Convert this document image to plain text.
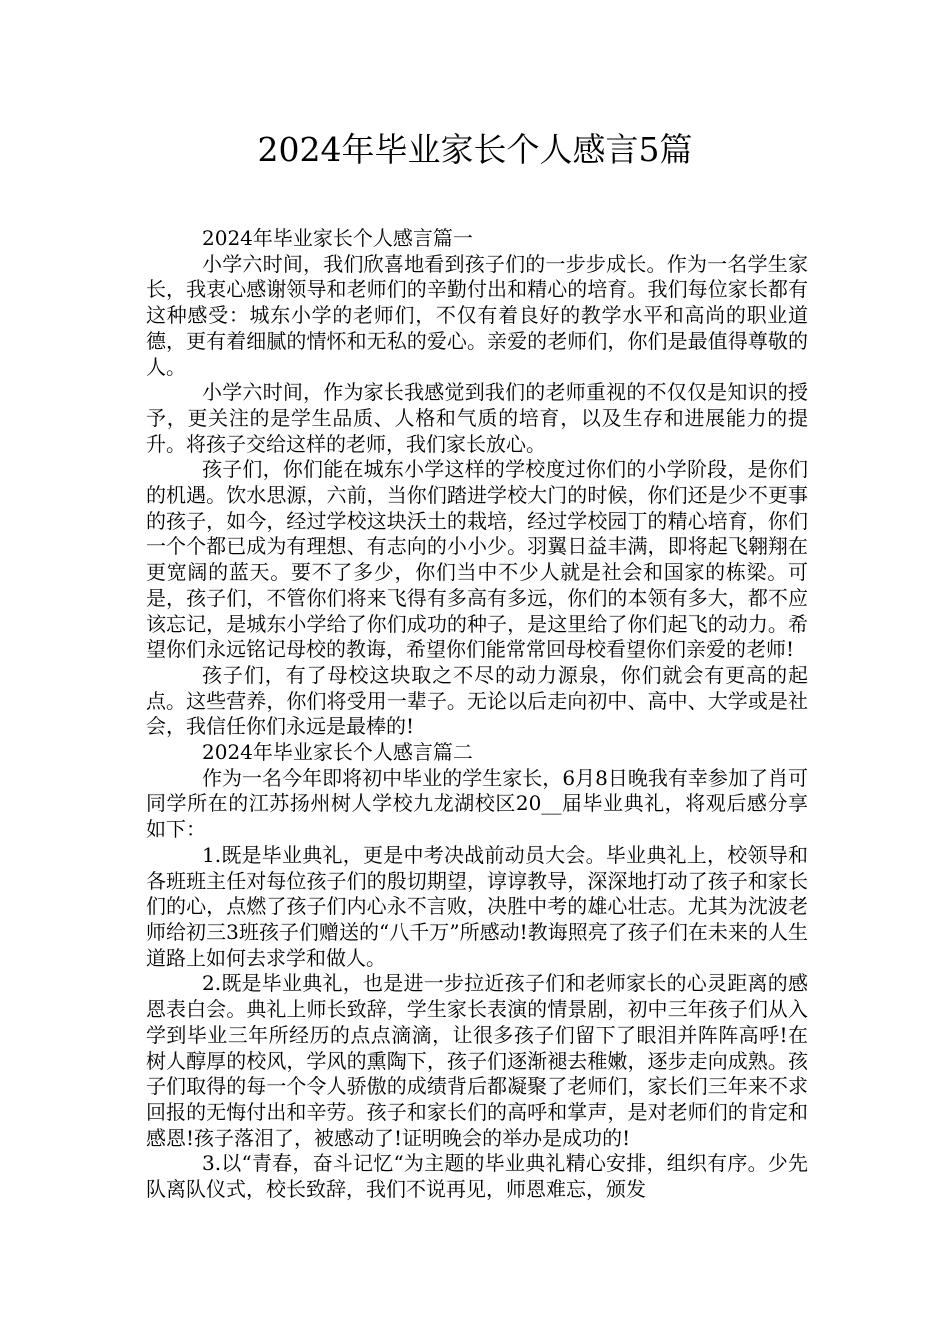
2024年毕业家长个人感言5篇

2024年毕业家长个人感言篇一

小学六时间，我们欣喜地看到孩子们的一步步成长。作为一名学生家长，我衷心感谢领导和老师们的辛勤付出和精心的培育。我们每位家长都有这种感受：城东小学的老师们，不仅有着良好的教学水平和高尚的职业道德，更有着细腻的情怀和无私的爱心。亲爱的老师们，你们是最值得尊敬的人。

小学六时间，作为家长我感觉到我们的老师重视的不仅仅是知识的授予，更关注的是学生品质、人格和气质的培育，以及生存和进展能力的提升。将孩子交给这样的老师，我们家长放心。

孩子们，你们能在城东小学这样的学校度过你们的小学阶段，是你们的机遇。饮水思源，六前，当你们踏进学校大门的时候，你们还是少不更事的孩子，如今，经过学校这块沃土的栽培，经过学校园丁的精心培育，你们一个个都已成为有理想、有志向的小小少。羽翼日益丰满，即将起飞翱翔在更宽阔的蓝天。要不了多少，你们当中不少人就是社会和国家的栋梁。可是，孩子们，不管你们将来飞得有多高有多远，你们的本领有多大，都不应该忘记，是城东小学给了你们成功的种子，是这里给了你们起飞的动力。希望你们永远铭记母校的教诲，希望你们能常常回母校看望你们亲爱的老师!

孩子们，有了母校这块取之不尽的动力源泉，你们就会有更高的起点。这些营养，你们将受用一辈子。无论以后走向初中、高中、大学或是社会，我信任你们永远是最棒的!

2024年毕业家长个人感言篇二

作为一名今年即将初中毕业的学生家长，6月8日晚我有幸参加了肖可同学所在的江苏扬州树人学校九龙湖校区20__届毕业典礼，将观后感分享如下：

1.既是毕业典礼，更是中考决战前动员大会。毕业典礼上，校领导和各班班主任对每位孩子们的殷切期望，谆谆教导，深深地打动了孩子和家长们的心，点燃了孩子们内心永不言败，决胜中考的雄心壮志。尤其为沈波老师给初三3班孩子们赠送的“八千万”所感动!教诲照亮了孩子们在未来的人生道路上如何去求学和做人。

2.既是毕业典礼，也是进一步拉近孩子们和老师家长的心灵距离的感恩表白会。典礼上师长致辞，学生家长表演的情景剧，初中三年孩子们从入学到毕业三年所经历的点点滴滴，让很多孩子们留下了眼泪并阵阵高呼!在树人醇厚的校风，学风的熏陶下，孩子们逐渐褪去稚嫩，逐步走向成熟。孩子们取得的每一个令人骄傲的成绩背后都凝聚了老师们，家长们三年来不求回报的无悔付出和辛劳。孩子和家长们的高呼和掌声，是对老师们的肯定和感恩!孩子落泪了，被感动了!证明晚会的举办是成功的!

3.以“青春，奋斗记忆“为主题的毕业典礼精心安排，组织有序。少先队离队仪式，校长致辞，我们不说再见，师恩难忘，颁发
